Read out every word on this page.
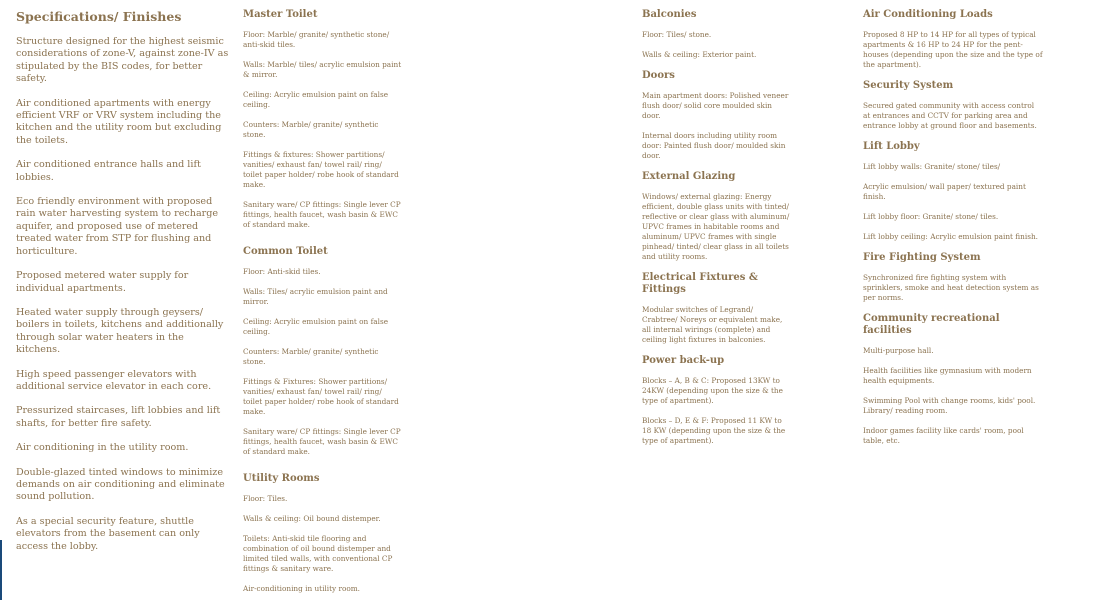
Specifications/ Finishes

Structure designed for the highest seismic considerations of zone-V, against zone-IV as stipulated by the BIS codes, for better safety.

Air conditioned apartments with energy efficient VRF or VRV system including the kitchen and the utility room but excluding the toilets.

Air conditioned entrance halls and lift lobbies.

Eco friendly environment with proposed rain water harvesting system to recharge aquifer, and proposed use of metered treated water from STP for flushing and horticulture.

Proposed metered water supply for individual apartments.

Heated water supply through geysers/ boilers in toilets, kitchens and additionally through solar water heaters in the kitchens.

High speed passenger elevators with additional service elevator in each core.

Pressurized staircases, lift lobbies and lift shafts, for better fire safety.

Air conditioning in the utility room.

Double-glazed tinted windows to minimize demands on air conditioning and eliminate sound pollution.

As a special security feature, shuttle elevators from the basement can only access the lobby.

Master Toilet

Floor: Marble/ granite/ synthetic stone/ anti-skid tiles.

Walls: Marble/ tiles/ acrylic emulsion paint & mirror.

Ceiling: Acrylic emulsion paint on false ceiling.

Counters: Marble/ granite/ synthetic stone.

Fittings & fixtures: Shower partitions/ vanities/ exhaust fan/ towel rail/ ring/ toilet paper holder/ robe hook of standard make.

Sanitary ware/ CP fittings: Single lever CP fittings, health faucet, wash basin & EWC of standard make.

Common Toilet

Floor: Anti-skid tiles.

Walls: Tiles/ acrylic emulsion paint and mirror.

Ceiling: Acrylic emulsion paint on false ceiling.

Counters: Marble/ granite/ synthetic stone.

Fittings & Fixtures: Shower partitions/ vanities/ exhaust fan/ towel rail/ ring/ toilet paper holder/ robe hook of standard make.

Sanitary ware/ CP fittings: Single lever CP fittings, health faucet, wash basin & EWC of standard make.

Utility Rooms

Floor: Tiles.

Walls & ceiling: Oil bound distemper.

Toilets: Anti-skid tile flooring and combination of oil bound distemper and limited tiled walls, with conventional CP fittings & sanitary ware.

Air-conditioning in utility room.

Balconies

Floor: Tiles/ stone.

Walls & ceiling: Exterior paint.

Doors

Main apartment doors: Polished veneer flush door/ solid core moulded skin door.

Internal doors including utility room door: Painted flush door/ moulded skin door.

External Glazing

Windows/ external glazing: Energy efficient, double glass units with tinted/ reflective or clear glass with aluminum/ UPVC frames in habitable rooms and aluminum/ UPVC frames with single pinhead/ tinted/ clear glass in all toilets and utility rooms.

Electrical Fixtures & Fittings

Modular switches of Legrand/ Crabtree/ Noreys or equivalent make, all internal wirings (complete) and ceiling light fixtures in balconies.

Power back-up

Blocks – A, B & C: Proposed 13KW to 24KW (depending upon the size & the type of apartment).

Blocks – D, E & F: Proposed 11 KW to 18 KW (depending upon the size & the type of apartment).

Air Conditioning Loads

Proposed 8 HP to 14 HP for all types of typical apartments & 16 HP to 24 HP for the pent-houses (depending upon the size and the type of the apartment).

Security System

Secured gated community with access control at entrances and CCTV for parking area and entrance lobby at ground floor and basements.

Lift Lobby

Lift lobby walls: Granite/ stone/ tiles/

Acrylic emulsion/ wall paper/ textured paint finish.

Lift lobby floor: Granite/ stone/ tiles.

Lift lobby ceiling: Acrylic emulsion paint finish.

Fire Fighting System

Synchronized fire fighting system with sprinklers, smoke and heat detection system as per norms.

Community recreational facilities

Multi-purpose hall.

Health facilities like gymnasium with modern health equipments.

Swimming Pool with change rooms, kids' pool. Library/ reading room.

Indoor games facility like cards' room, pool table, etc.
